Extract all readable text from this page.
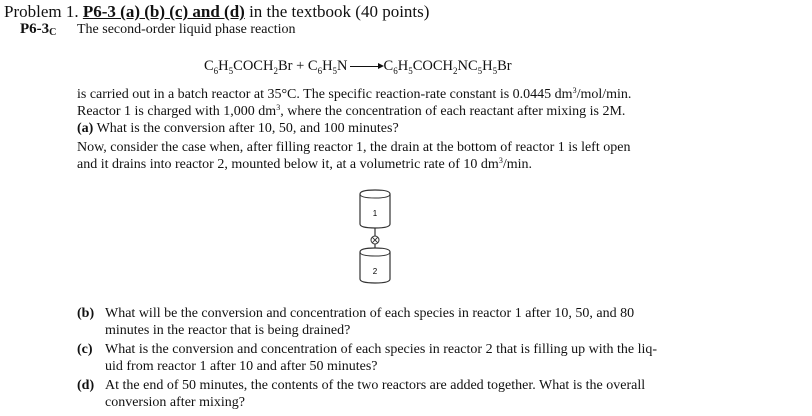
Problem 1. P6-3 (a) (b) (c) and (d) in the textbook (40 points)
$P6-3_C$ The second-order liquid phase reaction
$C_6H_5COCH_2Br + C_6H_5N$ → $C_6H_5COCH_2NC_5H_5Br$
is carried out in a batch reactor at 35°C. The specific reaction-rate constant is 0.0445 $dm^3/mol/\min$.
Reactor 1 is charged with 1,000 $dm^3$, where the concentration of each reactant after mixing is 2M.
(a) What is the conversion after 10, 50, and 100 minutes?
Now, consider the case when, after filling reactor 1, the drain at the bottom of reactor 1 is left open
and it drains into reactor 2, mounted below it, at a volumetric rate of 10 $dm^3/\min$.
1
2
(b) What will be the conversion and concentration of each species in reactor 1 after 10, 50, and 80
minutes in the reactor that is being drained?
(c) What is the conversion and concentration of each species in reactor 2 that is filling up with the liq-
uid from reactor 1 after 10 and after 50 minutes?
(d) At the end of 50 minutes, the contents of the two reactors are added together. What is the overall
conversion after mixing?
